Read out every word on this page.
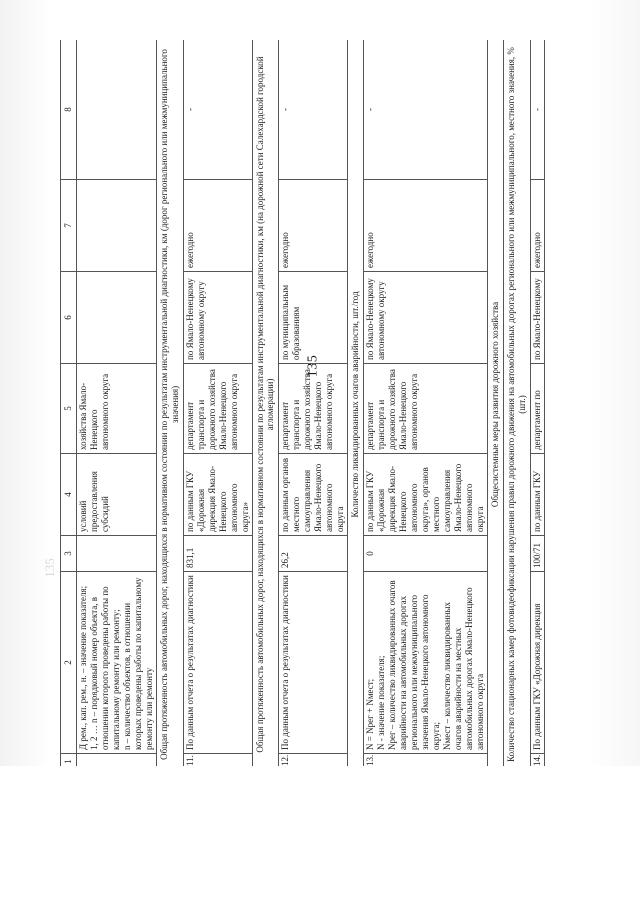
135
135
1	2	3	4	5	6	7	8
	Д рем., кап. рем., н. – значение показателя;
1, 2 … n – порядковый номер объекта, в отношении которого проведены работы по капитальному ремонту или ремонту;
n – количество объектов, в отношении которых проведены работы по капитальному ремонту или ремонту		условий предоставления субсидий	хозяйства Ямало-Ненецкого автономного округа			
Общая протяженность автомобильных дорог, находящихся в нормативном состоянии по результатам инструментальной диагностики, км (дорог регионального или межмуниципального значения)							
11.	По данным отчета о результатах диагностики	831,1	по данным ГКУ «Дорожная дирекция Ямало-Ненецкого автономного округа»	департамент транспорта и дорожного хозяйства Ямало-Ненецкого автономного округа	по Ямало-Ненецкому автономному округу	ежегодно	-
Общая протяженность автомобильных дорог, находящихся в нормативном состоянии по результатам инструментальной диагностики, км (на дорожной сети Салехардской городской агломерации)							
12.	По данным отчета о результатах диагностики	26,2	по данным органов местного самоуправления Ямало-Ненецкого автономного округа	департамент транспорта и дорожного хозяйства Ямало-Ненецкого автономного округа	по муниципальным образованиям	ежегодно	-
Количество ликвидированных очагов аварийности, шт./год							
13.	N = Nрег + Nмест;
N - значение показателя;
Nрег – количество ликвидированных очагов аварийности на автомобильных дорогах регионального или межмуниципального значения Ямало-Ненецкого автономного округа;
Nмест – количество ликвидированных очагов аварийности на местных автомобильных дорогах Ямало-Ненецкого автономного округа	0	по данным ГКУ «Дорожная дирекция Ямало-Ненецкого автономного округа», органов местного самоуправления Ямало-Ненецкого автономного округа	департамент транспорта и дорожного хозяйства Ямало-Ненецкого автономного округа	по Ямало-Ненецкому автономному округу	ежегодно	-
Общесистемные меры развития дорожного хозяйства							
Количество стационарных камер фотовидеофиксации нарушения правил дорожного движения на автомобильных дорогах регионального или межмуниципального, местного значения, % (шт.)							
14.	По данным ГКУ «Дорожная дирекция	100/71	по данным ГКУ	департамент по	по Ямало-Ненецкому	ежегодно	-
